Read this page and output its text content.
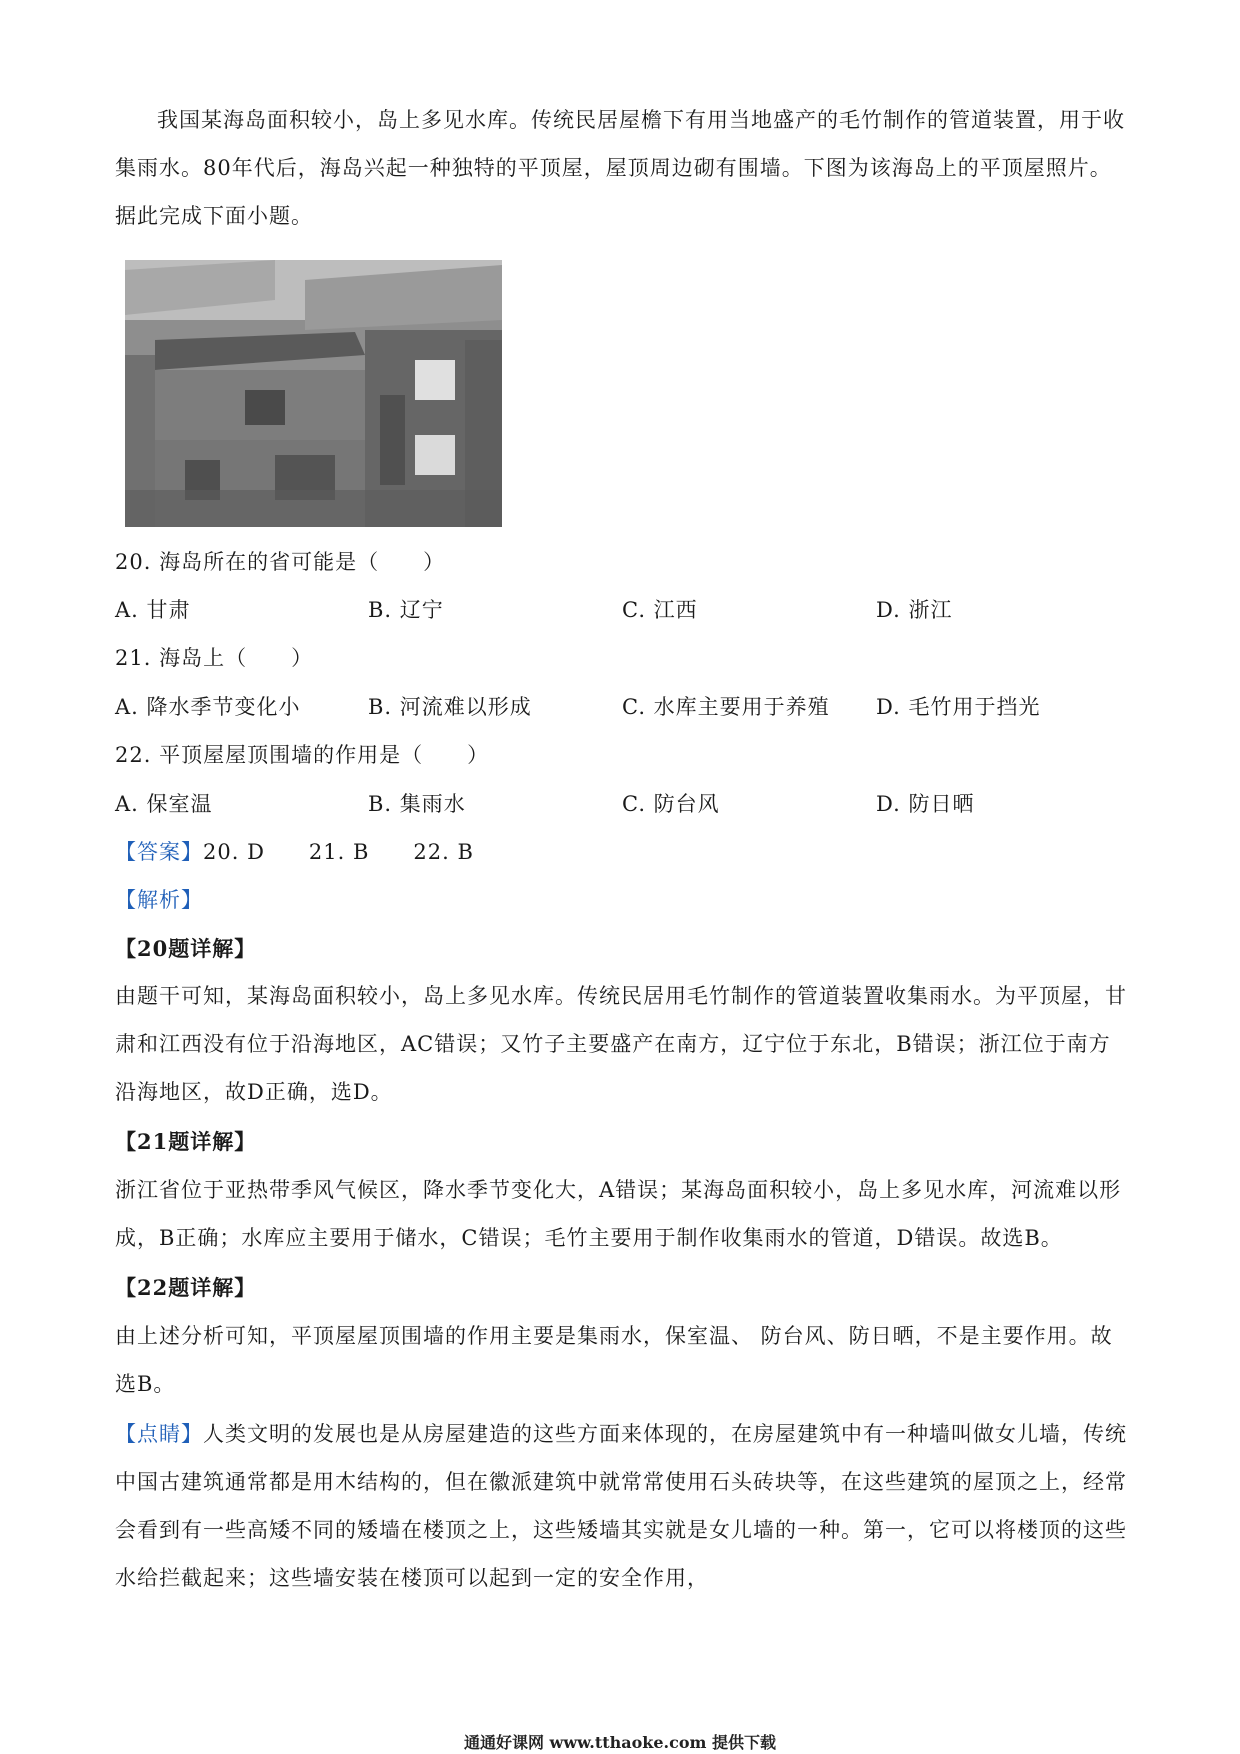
我国某海岛面积较小，岛上多见水库。传统民居屋檐下有用当地盛产的毛竹制作的管道装置，用于收集雨水。80年代后，海岛兴起一种独特的平顶屋，屋顶周边砌有围墙。下图为该海岛上的平顶屋照片。据此完成下面小题。

20. 海岛所在的省可能是（　　）
A. 甘肃	B. 辽宁	C. 江西	D. 浙江
21. 海岛上（　　）
A. 降水季节变化小	B. 河流难以形成	C. 水库主要用于养殖 D. 毛竹用于挡光
22. 平顶屋屋顶围墙的作用是（　　）
A. 保室温	B. 集雨水	C. 防台风	D. 防日晒
【答案】20. D　　21. B　　22. B
【解析】
【20题详解】

由题干可知，某海岛面积较小，岛上多见水库。传统民居用毛竹制作的管道装置收集雨水。为平顶屋，甘肃和江西没有位于沿海地区，AC错误；又竹子主要盛产在南方，辽宁位于东北，B错误；浙江位于南方沿海地区，故D正确，选D。

【21题详解】

浙江省位于亚热带季风气候区，降水季节变化大，A错误；某海岛面积较小，岛上多见水库，河流难以形成，B正确；水库应主要用于储水，C错误；毛竹主要用于制作收集雨水的管道，D错误。故选B。

【22题详解】

由上述分析可知，平顶屋屋顶围墙的作用主要是集雨水，保室温、 防台风、防日晒，不是主要作用。故选B。

【点睛】人类文明的发展也是从房屋建造的这些方面来体现的，在房屋建筑中有一种墙叫做女儿墙，传统中国古建筑通常都是用木结构的，但在徽派建筑中就常常使用石头砖块等，在这些建筑的屋顶之上，经常会看到有一些高矮不同的矮墙在楼顶之上，这些矮墙其实就是女儿墙的一种。第一，它可以将楼顶的这些水给拦截起来；这些墙安装在楼顶可以起到一定的安全作用，

通通好课网 www.tthaoke.com 提供下载
